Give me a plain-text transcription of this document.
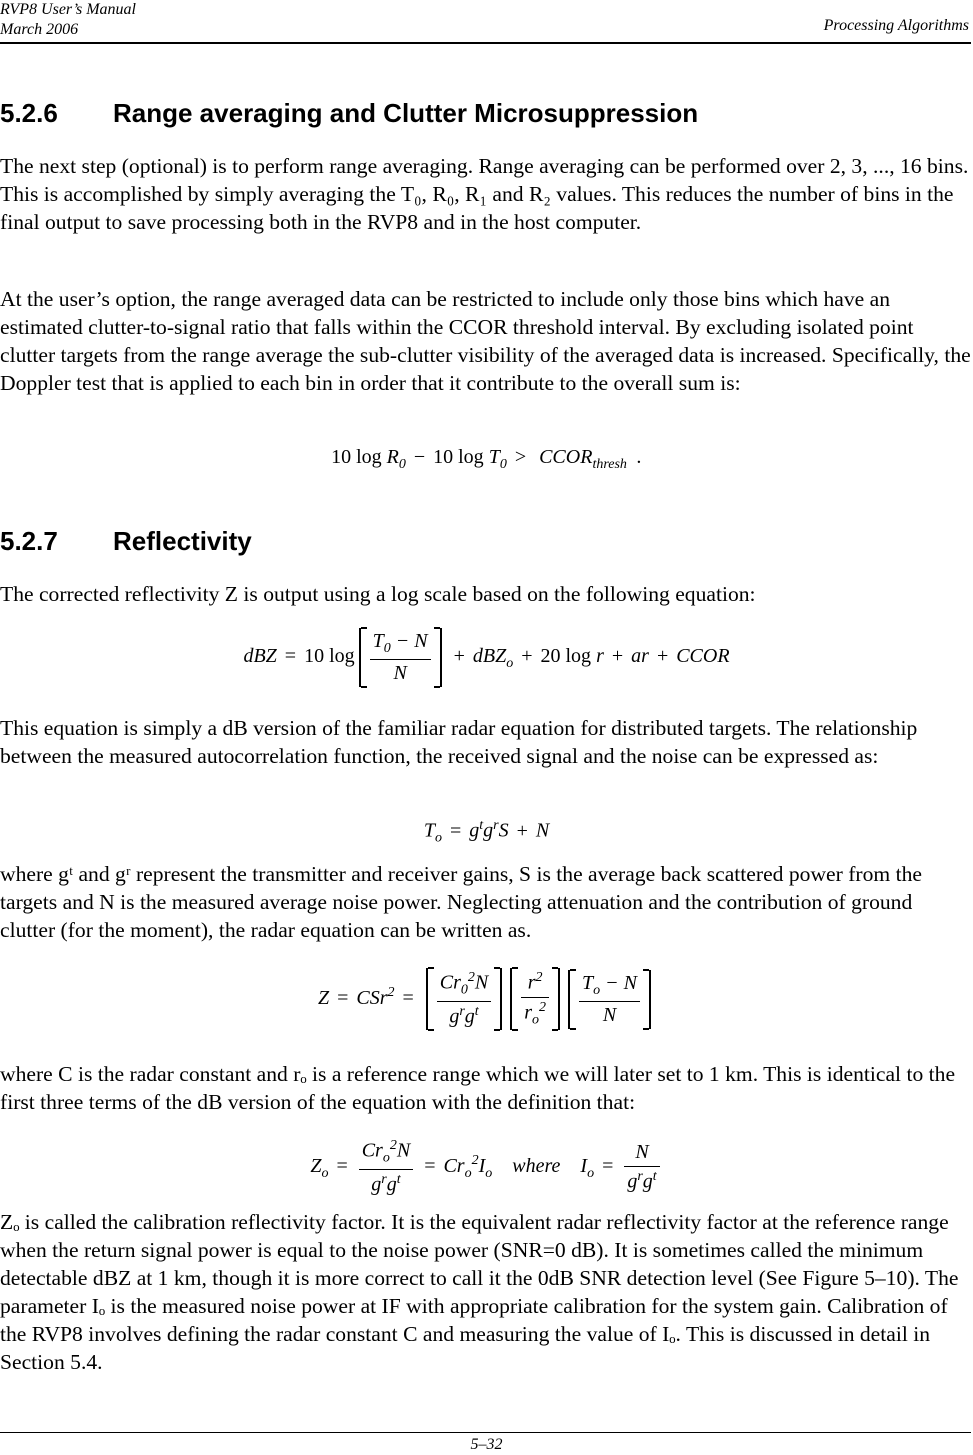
RVP8 User’s Manual
March 2006	Processing Algorithms
5.2.6 Range averaging and Clutter Microsuppression

The next step (optional) is to perform range averaging. Range averaging can be performed over 2, 3, ..., 16 bins. This is accomplished by simply averaging the T₀, R₀, R₁ and R₂ values. This reduces the number of bins in the final output to save processing both in the RVP8 and in the host computer.

At the user’s option, the range averaged data can be restricted to include only those bins which have an estimated clutter-to-signal ratio that falls within the CCOR threshold interval. By excluding isolated point clutter targets from the range average the sub-clutter visibility of the averaged data is increased. Specifically, the Doppler test that is applied to each bin in order that it contribute to the overall sum is:

10 $\log R_0 - 10$ $\log T_0$ > $CCOR_{thresh}$  .
5.2.7 Reflectivity

The corrected reflectivity Z is output using a log scale based on the following equation:

dBZ = 10 $\log \frac{T_0 - N}{N} + dBZ_o + 20$ log r + ar + CCOR

This equation is simply a dB version of the familiar radar equation for distributed targets. The relationship between the measured autocorrelation function, the received signal and the noise can be expressed as:

$T_o = g^tg^rS + N$

where gᵗ and gʳ represent the transmitter and receiver gains, S is the average back scattered power from the targets and N is the measured average noise power. Neglecting attenuation and the contribution of ground clutter (for the moment), the radar equation can be written as.

$Z = CSr^2 = \frac{Cr_0^2N}{g^rg^t} \frac{r^2}{r_o^2} \frac{T_o - N}{N}$

where C is the radar constant and rₒ is a reference range which we will later set to 1 km. This is identical to the first three terms of the dB version of the equation with the definition that:

$Z_o = \frac{Cr_o^2N}{g^rg^t} = Cr_o^2I_o$    where    $I_o = \frac{N}{g^rg^t}$

Zₒ is called the calibration reflectivity factor. It is the equivalent radar reflectivity factor at the reference range when the return signal power is equal to the noise power (SNR=0 dB). It is sometimes called the minimum detectable dBZ at 1 km, though it is more correct to call it the 0dB SNR detection level (See Figure 5–10). The parameter Iₒ is the measured noise power at IF with appropriate calibration for the system gain. Calibration of the RVP8 involves defining the radar constant C and measuring the value of Iₒ. This is discussed in detail in Section 5.4.

5–32
